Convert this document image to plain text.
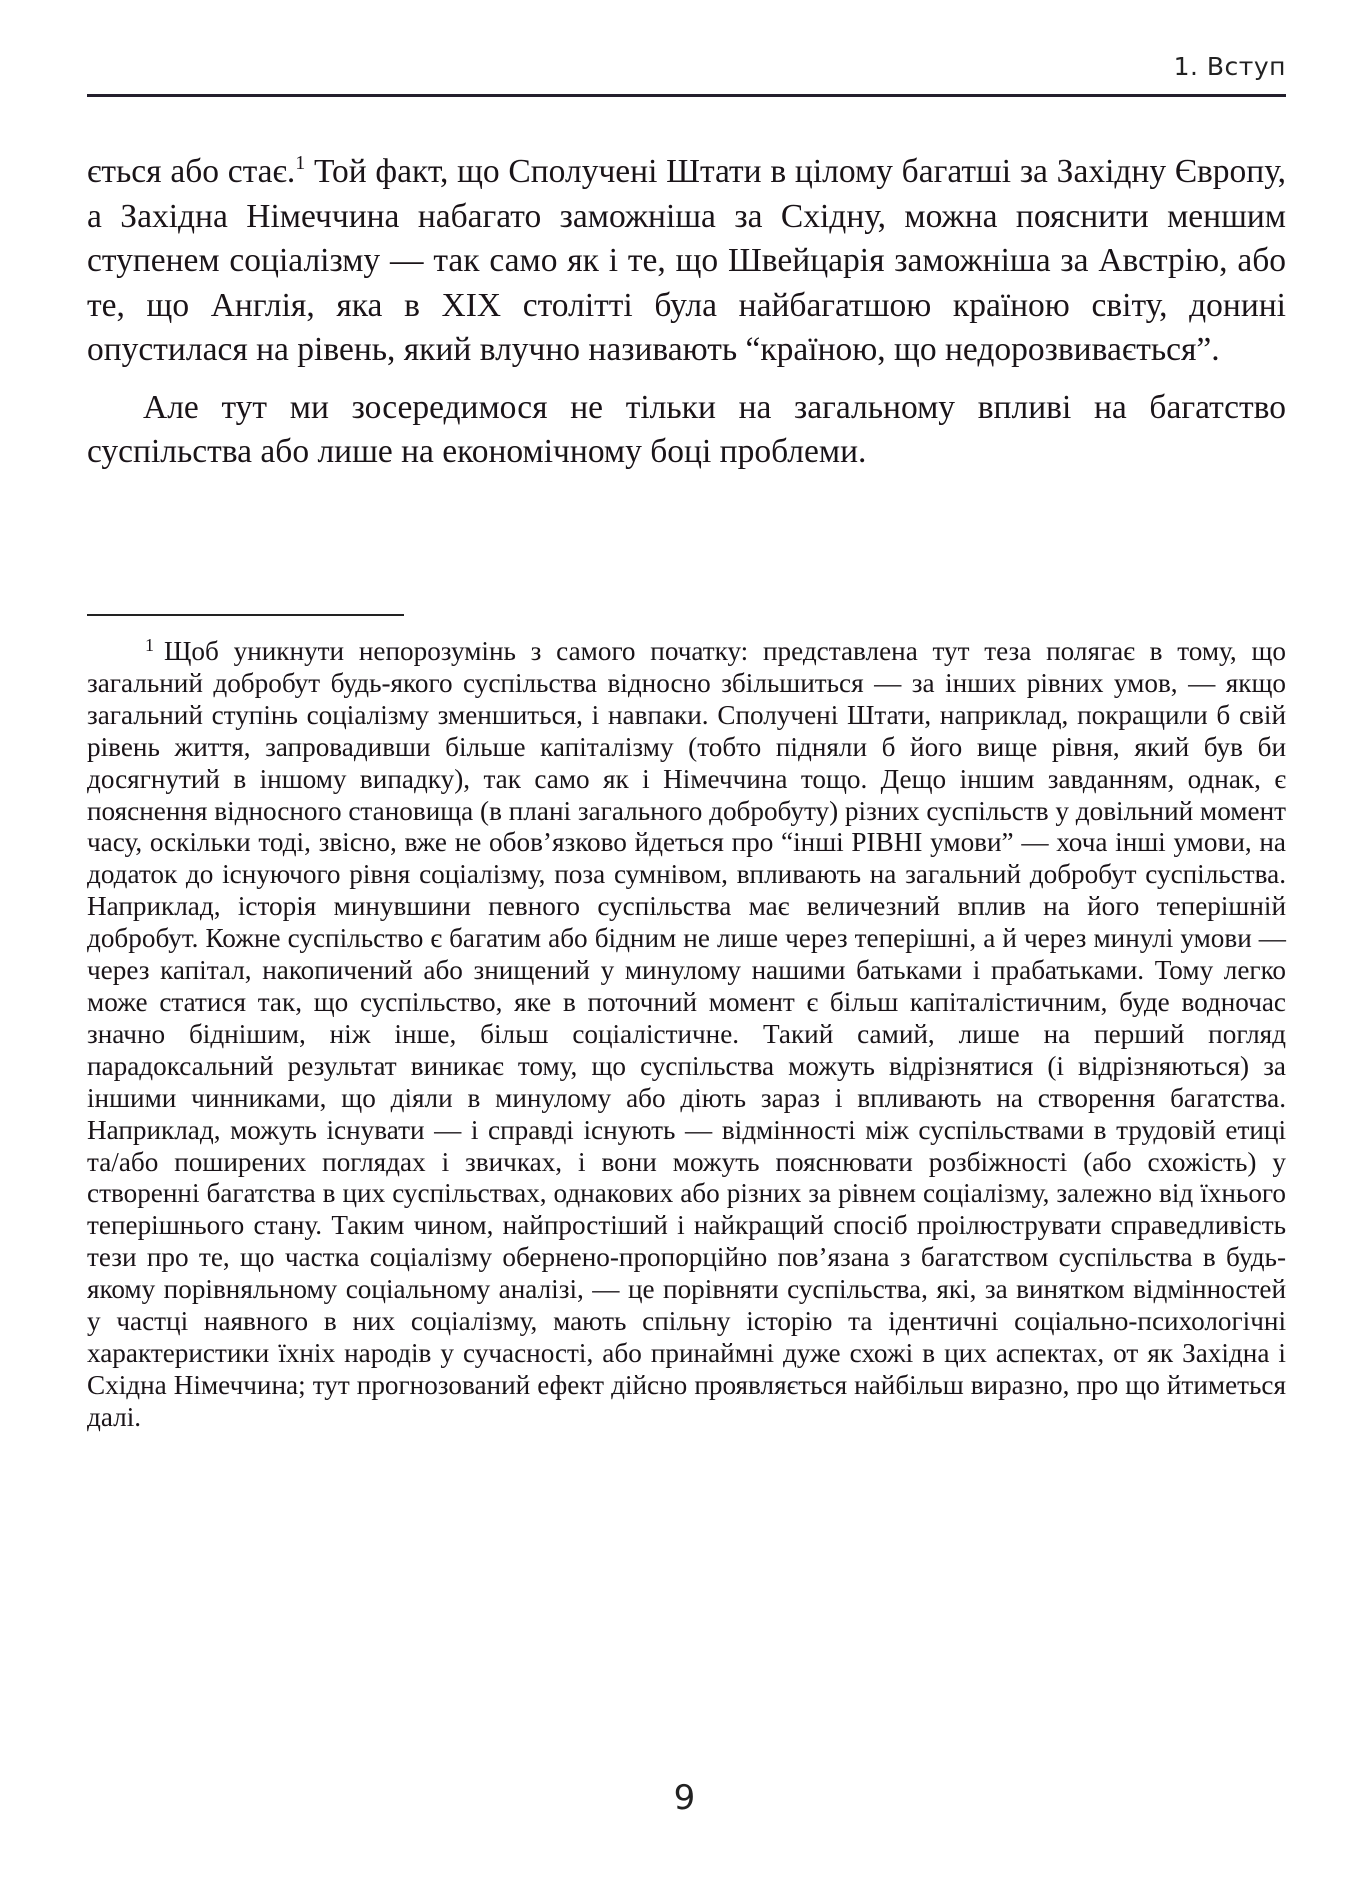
1. Вступ

ється або стає.$^1$ Той факт, що Сполучені Штати в цілому багатші за Західну Європу, а Західна Німеччина набагато заможніша за Східну, можна пояснити меншим ступенем соціалізму — так само як і те, що Швейцарія заможніша за Австрію, або те, що Англія, яка в XIX столітті була найбагатшою країною світу, донині опустилася на рівень, який влучно називають “країною, що недорозвивається”.

Але тут ми зосередимося не тільки на загальному впливі на багатство суспільства або лише на економічному боці проблеми.

$^1$ Щоб уникнути непорозумінь з самого початку: представлена тут теза полягає в тому, що загальний добробут будь-якого суспільства відносно збільшиться — за інших рівних умов, — якщо загальний ступінь соціалізму зменшиться, і навпаки. Сполучені Штати, наприклад, покращили б свій рівень життя, запровадивши більше капіталізму (тобто підняли б його вище рівня, який був би досягнутий в іншому випадку), так само як і Німеччина тощо. Дещо іншим завданням, однак, є пояснення відносного становища (в плані загального добробуту) різних суспільств у довільний момент часу, оскільки тоді, звісно, вже не обов’язково йдеться про “інші РІВНІ умови” — хоча інші умови, на додаток до існуючого рівня соціалізму, поза сумнівом, впливають на загальний добробут суспільства. Наприклад, історія минувшини певного суспільства має величезний вплив на його теперішній добробут. Кожне суспільство є багатим або бідним не лише через теперішні, а й через минулі умови — через капітал, накопичений або знищений у минулому нашими батьками і прабатьками. Тому легко може статися так, що суспільство, яке в поточний момент є більш капіталістичним, буде водночас значно біднішим, ніж інше, більш соціалістичне. Такий самий, лише на перший погляд парадоксальний результат виникає тому, що суспільства можуть відрізнятися (і відрізняються) за іншими чинниками, що діяли в минулому або діють зараз і впливають на створення багатства. Наприклад, можуть існувати — і справді існують — відмінності між суспільствами в трудовій етиці та/або поширених поглядах і звичках, і вони можуть пояснювати розбіжності (або схожість) у створенні багатства в цих суспільствах, однакових або різних за рівнем соціалізму, залежно від їхнього теперішнього стану. Таким чином, найпростіший і найкращий спосіб проілюструвати справедливість тези про те, що частка соціалізму обернено-пропорційно пов’язана з багатством суспільства в будь-якому порівняльному соціальному аналізі, — це порівняти суспільства, які, за винятком відмінностей у частці наявного в них соціалізму, мають спільну історію та ідентичні соціально-психологічні характеристики їхніх народів у сучасності, або принаймні дуже схожі в цих аспектах, от як Західна і Східна Німеччина; тут прогнозований ефект дійсно проявляється найбільш виразно, про що йтиметься далі.

9
